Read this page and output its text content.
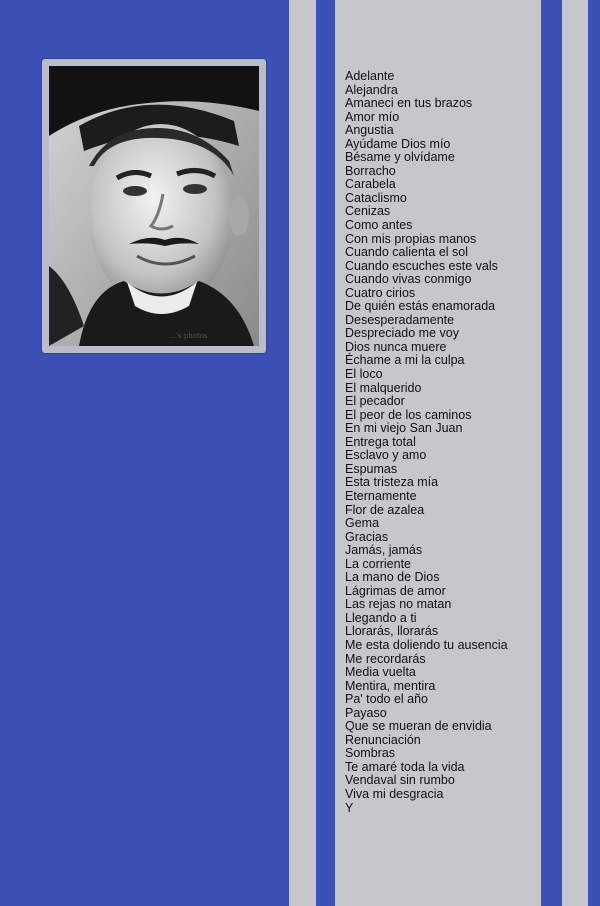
…'s photos
Adelante
Alejandra
Amaneci en tus brazos
Amor mío
Angustia
Ayúdame Dios mío
Bésame y olvídame
Borracho
Carabela
Cataclismo
Cenizas
Como antes
Con mis propias manos
Cuando calienta el sol
Cuando escuches este vals
Cuando vivas conmigo
Cuatro cirios
De quién estás enamorada
Desesperadamente
Despreciado me voy
Dios nunca muere
Échame a mi la culpa
El loco
El malquerido
El pecador
El peor de los caminos
En mi viejo San Juan
Entrega total
Esclavo y amo
Espumas
Esta tristeza mía
Eternamente
Flor de azalea
Gema
Gracias
Jamás, jamás
La corriente
La mano de Dios
Lágrimas de amor
Las rejas no matan
Llegando a ti
Llorarás, llorarás
Me esta doliendo tu ausencia
Me recordarás
Media vuelta
Mentira, mentira
Pa' todo el año
Payaso
Que se mueran de envidia
Renunciación
Sombras
Te amaré toda la vida
Vendaval sin rumbo
Viva mi desgracia
Y
